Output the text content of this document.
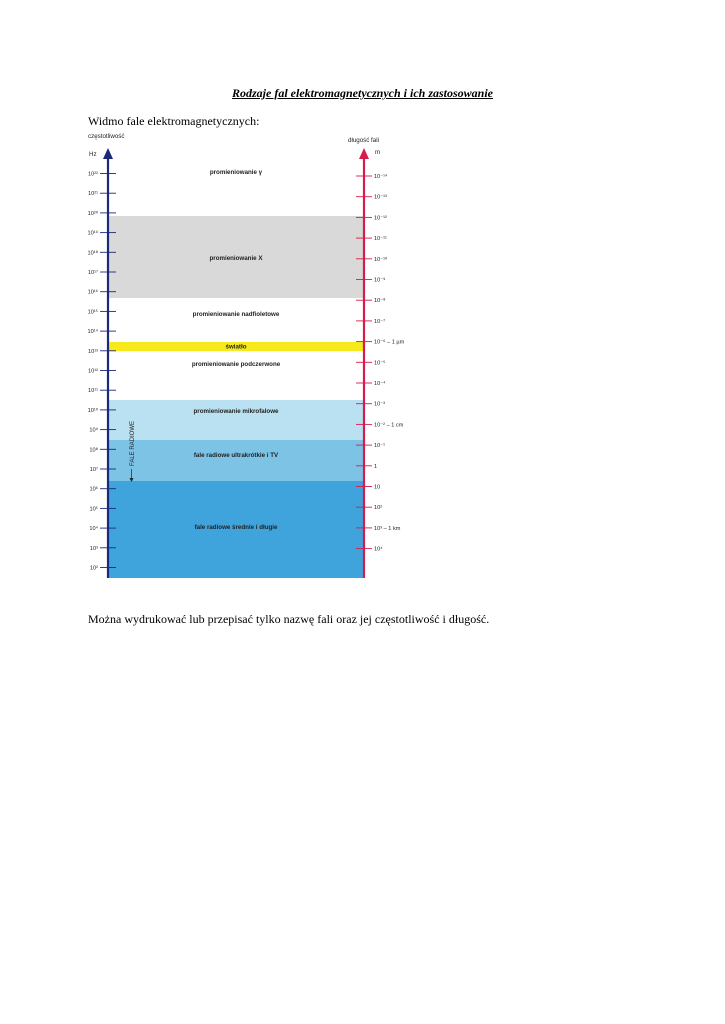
Rodzaje fal elektromagnetycznych i ich zastosowanie
Widmo fale elektromagnetycznych:
promieniowanie γ
promieniowanie X
promieniowanie nadfioletowe
światło
promieniowanie podczerwone
promieniowanie mikrofalowe
fale radiowe ultrakrótkie i TV
fale radiowe średnie i długie
częstotliwość
Hz
10²²
10²¹
10²⁰
10¹⁹
10¹⁸
10¹⁷
10¹⁶
10¹⁵
10¹⁴
10¹³
10¹²
10¹¹
10¹⁰
10⁹
10⁸
10⁷
10⁶
10⁵
10⁴
10³
10²
długość fali
m
10⁻¹⁴
10⁻¹³
10⁻¹²
10⁻¹¹
10⁻¹⁰
10⁻⁹
10⁻⁸
10⁻⁷
10⁻⁶ – 1 µm
10⁻⁵
10⁻⁴
10⁻³
10⁻² – 1 cm
10⁻¹
1
10
10²
10³ – 1 km
10⁴
FALE RADIOWE
Można wydrukować lub przepisać tylko nazwę fali oraz jej częstotliwość i długość.
